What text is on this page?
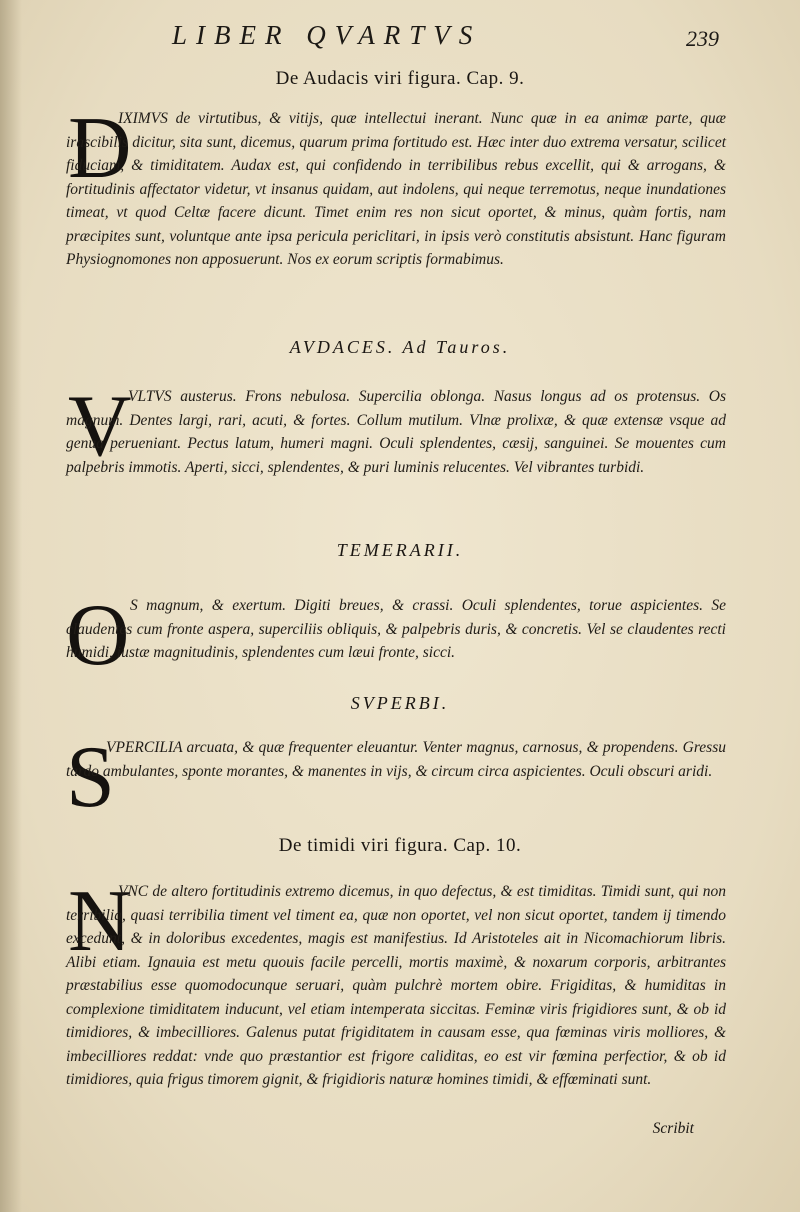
LIBER QVARTVS	239
De Audacis viri figura. Cap. 9.
D

IXIMVS de virtutibus, & vitijs, quæ intellectui inerant. Nunc quæ in ea animæ parte, quæ irascibilis dicitur, sita sunt, dicemus, quarum prima fortitudo est. Hæc inter duo extrema versatur, scilicet fiduciam, & timiditatem. Audax est, qui confidendo in terribilibus rebus excellit, qui & arrogans, & fortitudinis affectator videtur, vt insanus quidam, aut indolens, qui neque terremotus, neque inundationes timeat, vt quod Celtæ facere dicunt. Timet enim res non sicut oportet, & minus, quàm fortis, nam præcipites sunt, voluntque ante ipsa pericula periclitari, in ipsis verò constitutis absistunt. Hanc figuram Physiognomones non apposuerunt. Nos ex eorum scriptis formabimus.

AVDACES. Ad Tauros.
V

VLTVS austerus. Frons nebulosa. Supercilia oblonga. Nasus longus ad os protensus. Os magnum. Dentes largi, rari, acuti, & fortes. Collum mutilum. Vlnæ prolixæ, & quæ extensæ vsque ad genua perueniant. Pectus latum, humeri magni. Oculi splendentes, cæsij, sanguinei. Se mouentes cum palpebris immotis. Aperti, sicci, splendentes, & puri luminis relucentes. Vel vibrantes turbidi.

TEMERARII.
O S magnum, & exertum. Digiti breues, & crassi. Oculi splendentes, torue aspicientes. Se claudentes cum fronte aspera, superciliis obliquis, & palpebris duris, & concretis. Vel se claudentes recti humidi, iustæ magnitudinis, splendentes cum læui fronte, sicci.

SVPERBI.
S

VPERCILIA arcuata, & quæ frequenter eleuantur. Venter magnus, carnosus, & propendens. Gressu tardo ambulantes, sponte morantes, & manentes in vijs, & circum circa aspicientes. Oculi obscuri aridi.

De timidi viri figura. Cap. 10.
N

VNC de altero fortitudinis extremo dicemus, in quo defectus, & est timiditas. Timidi sunt, qui non terribilia, quasi terribilia timent vel timent ea, quæ non oportet, vel non sicut oportet, tandem ij timendo excedunt, & in doloribus excedentes, magis est manifestius. Id Aristoteles ait in Nicomachiorum libris. Alibi etiam. Ignauia est metu quouis facile percelli, mortis maximè, & noxarum corporis, arbitrantes præstabilius esse quomodocunque seruari, quàm pulchrè mortem obire. Frigiditas, & humiditas in complexione timiditatem inducunt, vel etiam intemperata siccitas. Feminæ viris frigidiores sunt, & ob id timidiores, & imbecilliores. Galenus putat frigiditatem in causam esse, qua fœminas viris molliores, & imbecilliores reddat: vnde quo præstantior est frigore caliditas, eo est vir fœmina perfectior, & ob id timidiores, quia frigus timorem gignit, & frigidioris naturæ homines timidi, & effœminati sunt.

Scribit
